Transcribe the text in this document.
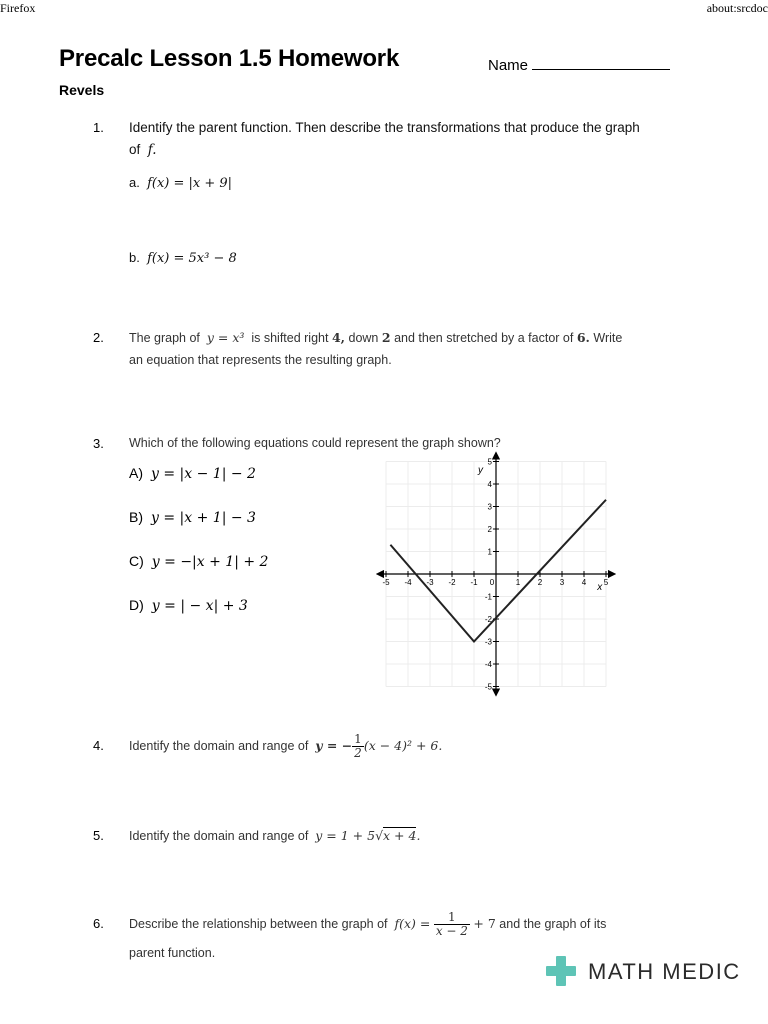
Firefox	about:srcdoc
Precalc Lesson 1.5 Homework	Name
Revels
1. Identify the parent function. Then describe the transformations that produce the graph
of f.
a. f(x) = |x + 9|
b. f(x) = 5x³ − 8
2. The graph of y = x³ is shifted right 4, down 2 and then stretched by a factor of 6. Write
an equation that represents the resulting graph.
3. Which of the following equations could represent the graph shown?
A) y = |x − 1| − 2
B) y = |x + 1| − 3
C) y = −|x + 1| + 2
D) y = | − x| + 3
-5 -4 -3 -2 -1 0	1 2 3 4 5
5
4
3
2
1
-1
-2
-3
-4
-5
x
y
4. Identify the domain and range of y = − $\frac{1}{2} (x - 4)^2 + 6$.
5. Identify the domain and range of y = 1 + 5√x + 4.
6. Describe the relationship between the graph of $f(x) = \frac{1}{x - 2} + 7$ and the graph of its
parent function.
MATH MEDIC
